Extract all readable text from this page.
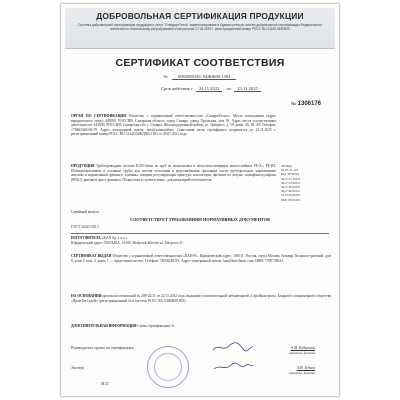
ДОБРОВОЛЬНАЯ СЕРТИФИКАЦИЯ ПРОДУКЦИИ
Система добровольной сертификации продукции и услуг "СтандартТехно" зарегистрирована в Едином реестре систем добровольной сертификации Федерального агентства по техническому регулированию и метрологии 17.04.2019 г. регистрационный номер РОСС RU.31195.04ЖЖ00
СЕРТИФИКАТ СООТВЕТСТВИЯ
№ 0082080.RU.04ЖЖ00.1394
Срок действия с 24.11.2022 по 23.11.2025
№ 1306176
ОРГАН ПО СЕРТИФИКАЦИИ Общество с ограниченной ответственностью «СамараТехно». Место нахождения (адрес юридического лица): 443090, РОССИЯ, Самарская область, город Самара, улица Уральская, дом 18. Адрес места осуществления деятельности: 443030, РОССИЯ, Самарская обл. г. Самара, Железнодорожный район, ул. Урицкого, д. 19, комн. 46, 48, 49. Телефон: +78463426-02-79. Адрес электронной почты: info@samaratehno. Смысловая часть сертификата сохраняется до 23.11.2025 г. регистрационный номер РОСС RU.31443.04ЖДЖ0.1163 от 20.07.2021 года.
ПРОДУКЦИЯ Трубопроводная система KAN-therm из труб из полиэтилена и металлополимерных многослойных PE-Xc, PE-RT, Полипропиленовые и стальные трубы для систем отопления и водоснабжения, фасонные части трубопроводов, нормативные вентили и нормативные фитинги, клапаны, запорно-регулирующая арматура, коллекторы, фитинги из латуни, полифенилсульфона (PPSU), фитинги пресс-фитинги. Полностью в соответствии с документацией изготовителя.
Серийный выпуск
ОКПД2
22.21.21.110
Код ТН ВЭД
3917 21 100 0
3917 32 000 9
3917 39 000 8
3917 40 000 0
7412 20 000 0
8481 80 819 9
СООТВЕТСТВУЕТ ТРЕБОВАНИЯМ НОРМАТИВНЫХ ДОКУМЕНТОВ
ГОСТ 32415-2013
ИЗГОТОВИТЕЛЬ «KAN Sp. z o.o.»
Юридический адрес: ПОЛЬША, 16-001 Białystok-Kleosin ul. Zdrojowa 51.
СЕРТИФИКАТ ВЫДАН Общество с ограниченной ответственностью «КАН-Р». Юридический адрес: 105011, Россия, город Москва, бульвар Лосиноостровский, дом 8, этаж 2, пом. 2, комн. 1 — представительство. Телефон: 74956248119, Адрес электронной почты: kan@kan-therm.com. ИНН: 7706738633
НА ОСНОВАНИИ протокола испытаний № 208-22/11 от 22.11.2022 года, выданного испытательной лабораторией «Стройконтроль» Закрытого акционерного общества «ПромТехСтрой» (регистрационный № в системе РОСС RU.04ЖЖ00.003)
ДОПОЛНИТЕЛЬНАЯ ИНФОРМАЦИЯ Схема сертификации: 3с
Руководитель органа по сертификации	А.М. Кудряшов
инициалы, фамилия
Эксперт	А.В. Зубков
инициалы, фамилия
М.П.
